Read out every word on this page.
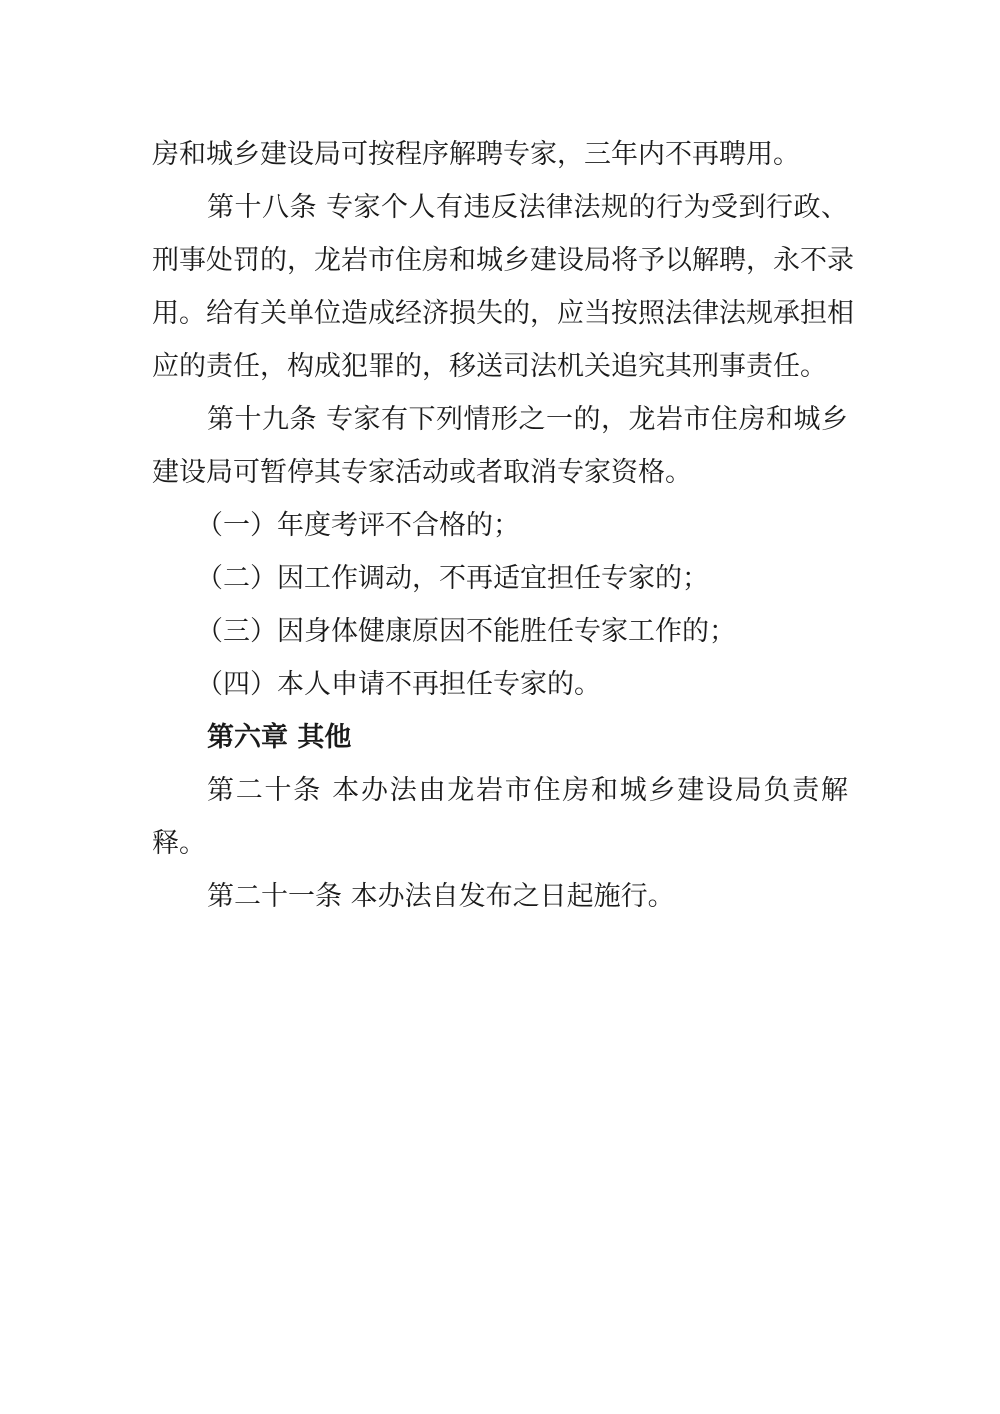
房和城乡建设局可按程序解聘专家，三年内不再聘用。
第十八条 专家个人有违反法律法规的行为受到行政、
刑事处罚的，龙岩市住房和城乡建设局将予以解聘，永不录
用。给有关单位造成经济损失的，应当按照法律法规承担相
应的责任，构成犯罪的，移送司法机关追究其刑事责任。
第十九条 专家有下列情形之一的，龙岩市住房和城乡
建设局可暂停其专家活动或者取消专家资格。
（一）年度考评不合格的；
（二）因工作调动，不再适宜担任专家的；
（三）因身体健康原因不能胜任专家工作的；
（四）本人申请不再担任专家的。
第六章 其他
第二十条 本办法由龙岩市住房和城乡建设局负责解
释。
第二十一条 本办法自发布之日起施行。
